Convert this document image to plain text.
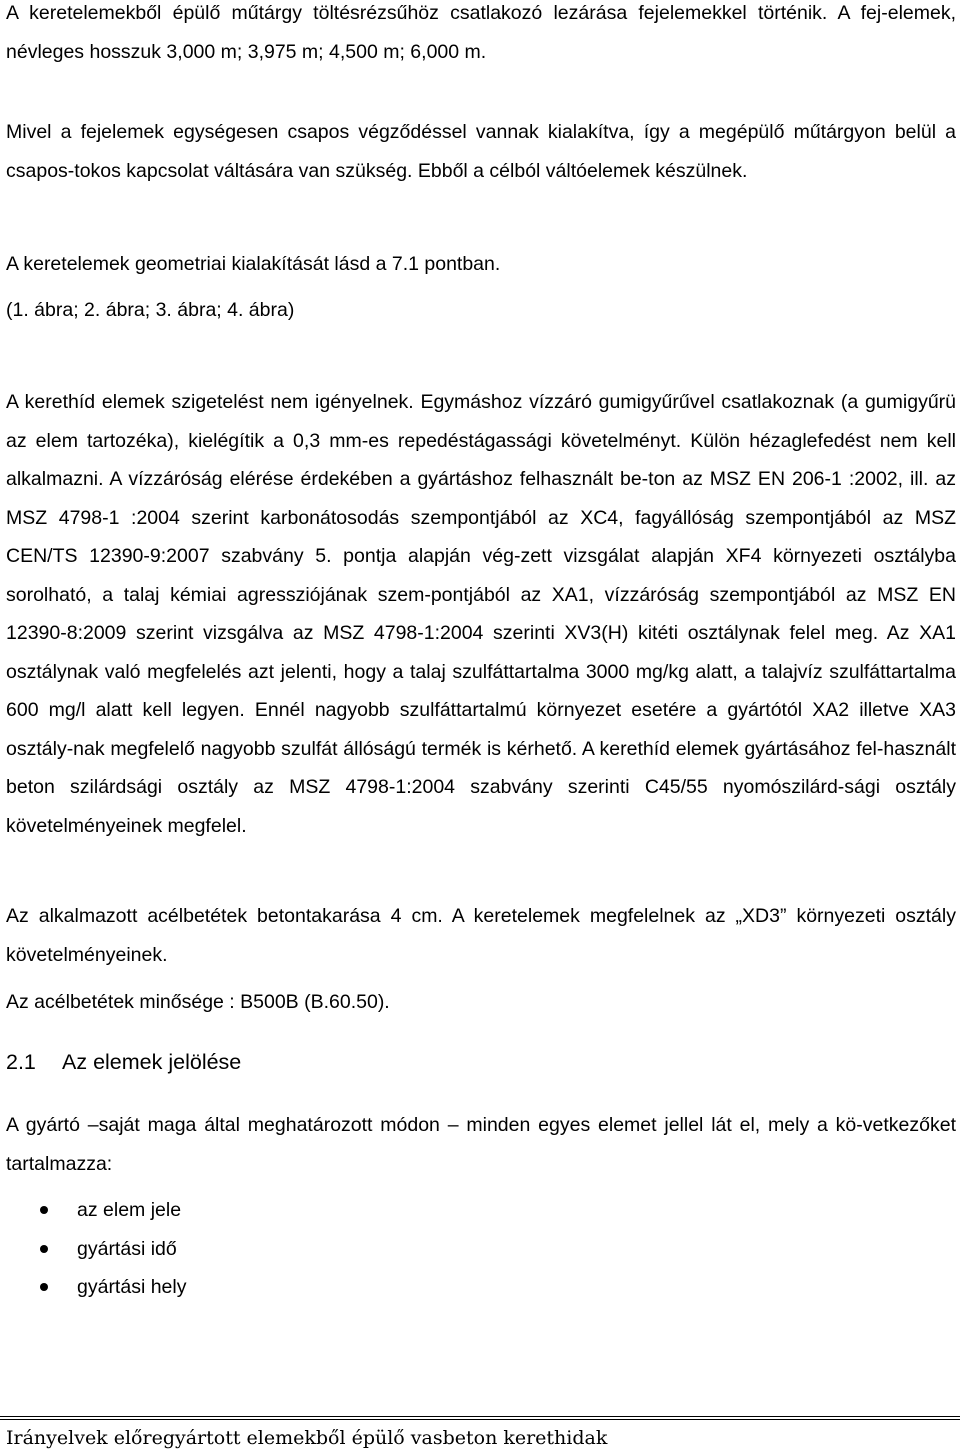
A keretelemekből épülő műtárgy töltésrézsűhöz csatlakozó lezárása fejelemekkel történik. A fej-elemek, névleges hosszuk 3,000 m; 3,975 m; 4,500 m; 6,000 m.

Mivel a fejelemek egységesen csapos végződéssel vannak kialakítva, így a megépülő műtárgyon belül a csapos-tokos kapcsolat váltására van szükség. Ebből a célból váltóelemek készülnek.

A keretelemek geometriai kialakítását lásd a 7.1 pontban.

(1. ábra; 2. ábra; 3. ábra; 4. ábra)

A kerethíd elemek szigetelést nem igényelnek. Egymáshoz vízzáró gumigyűrűvel csatlakoznak (a gumigyűrü az elem tartozéka), kielégítik a 0,3 mm-es repedéstágassági követelményt. Külön hézaglefedést nem kell alkalmazni. A vízzáróság elérése érdekében a gyártáshoz felhasznált be-ton az MSZ EN 206-1 :2002, ill. az MSZ 4798-1 :2004 szerint karbonátosodás szempontjából az XC4, fagyállóság szempontjából az MSZ CEN/TS 12390-9:2007 szabvány 5. pontja alapján vég-zett vizsgálat alapján XF4 környezeti osztályba sorolható, a talaj kémiai agressziójának szem-pontjából az XA1, vízzáróság szempontjából az MSZ EN 12390-8:2009 szerint vizsgálva az MSZ 4798-1:2004 szerinti XV3(H) kitéti osztálynak felel meg. Az XA1 osztálynak való megfelelés azt jelenti, hogy a talaj szulfáttartalma 3000 mg/kg alatt, a talajvíz szulfáttartalma 600 mg/l alatt kell legyen. Ennél nagyobb szulfáttartalmú környezet esetére a gyártótól XA2 illetve XA3 osztály-nak megfelelő nagyobb szulfát állóságú termék is kérhető. A kerethíd elemek gyártásához fel-használt beton szilárdsági osztály az MSZ 4798-1:2004 szabvány szerinti C45/55 nyomószilárd-sági osztály követelményeinek megfelel.

Az alkalmazott acélbetétek betontakarása 4 cm. A keretelemek megfelelnek az „XD3” környezeti osztály követelményeinek.

Az acélbetétek minősége : B500B (B.60.50).

2.1	Az elemek jelölése

A gyártó –saját maga által meghatározott módon – minden egyes elemet jellel lát el, mely a kö-vetkezőket tartalmazza:

az elem jele
gyártási idő
gyártási hely
Irányelvek előregyártott elemekből épülő vasbeton kerethidak
